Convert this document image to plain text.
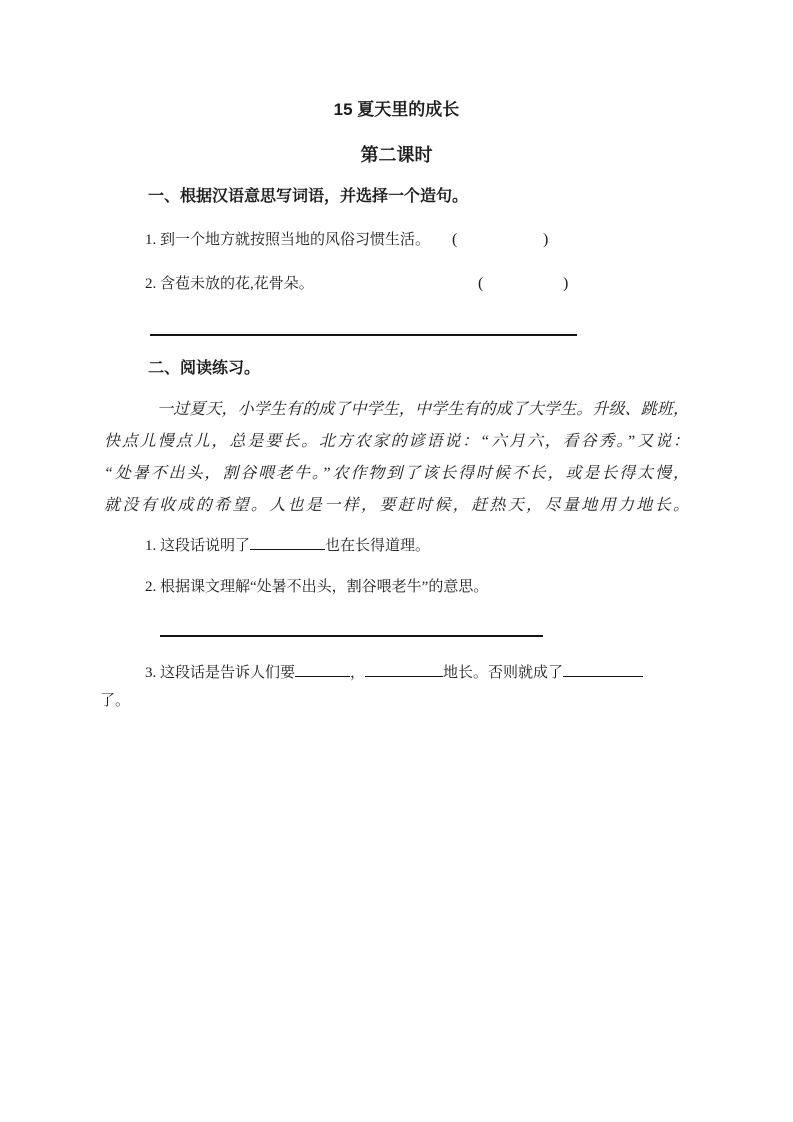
15 夏天里的成长
第二课时
一、根据汉语意思写词语，并选择一个造句。
1. 到一个地方就按照当地的风俗习惯生活。 (	)
2. 含苞未放的花,花骨朵。	(	)
二、阅读练习。
一过夏天，小学生有的成了中学生，中学生有的成了大学生。升级、跳班，
快点儿慢点儿，总是要长。北方农家的谚语说：“六月六，看谷秀。”又说：
“处暑不出头，割谷喂老牛。”农作物到了该长得时候不长，或是长得太慢，
就没有收成的希望。人也是一样，要赶时候，赶热天，尽量地用力地长。
1. 这段话说明了	也在长得道理。
2. 根据课文理解“处暑不出头，割谷喂老牛”的意思。
3. 这段话是告诉人们要	，	地长。否则就成了
了。
